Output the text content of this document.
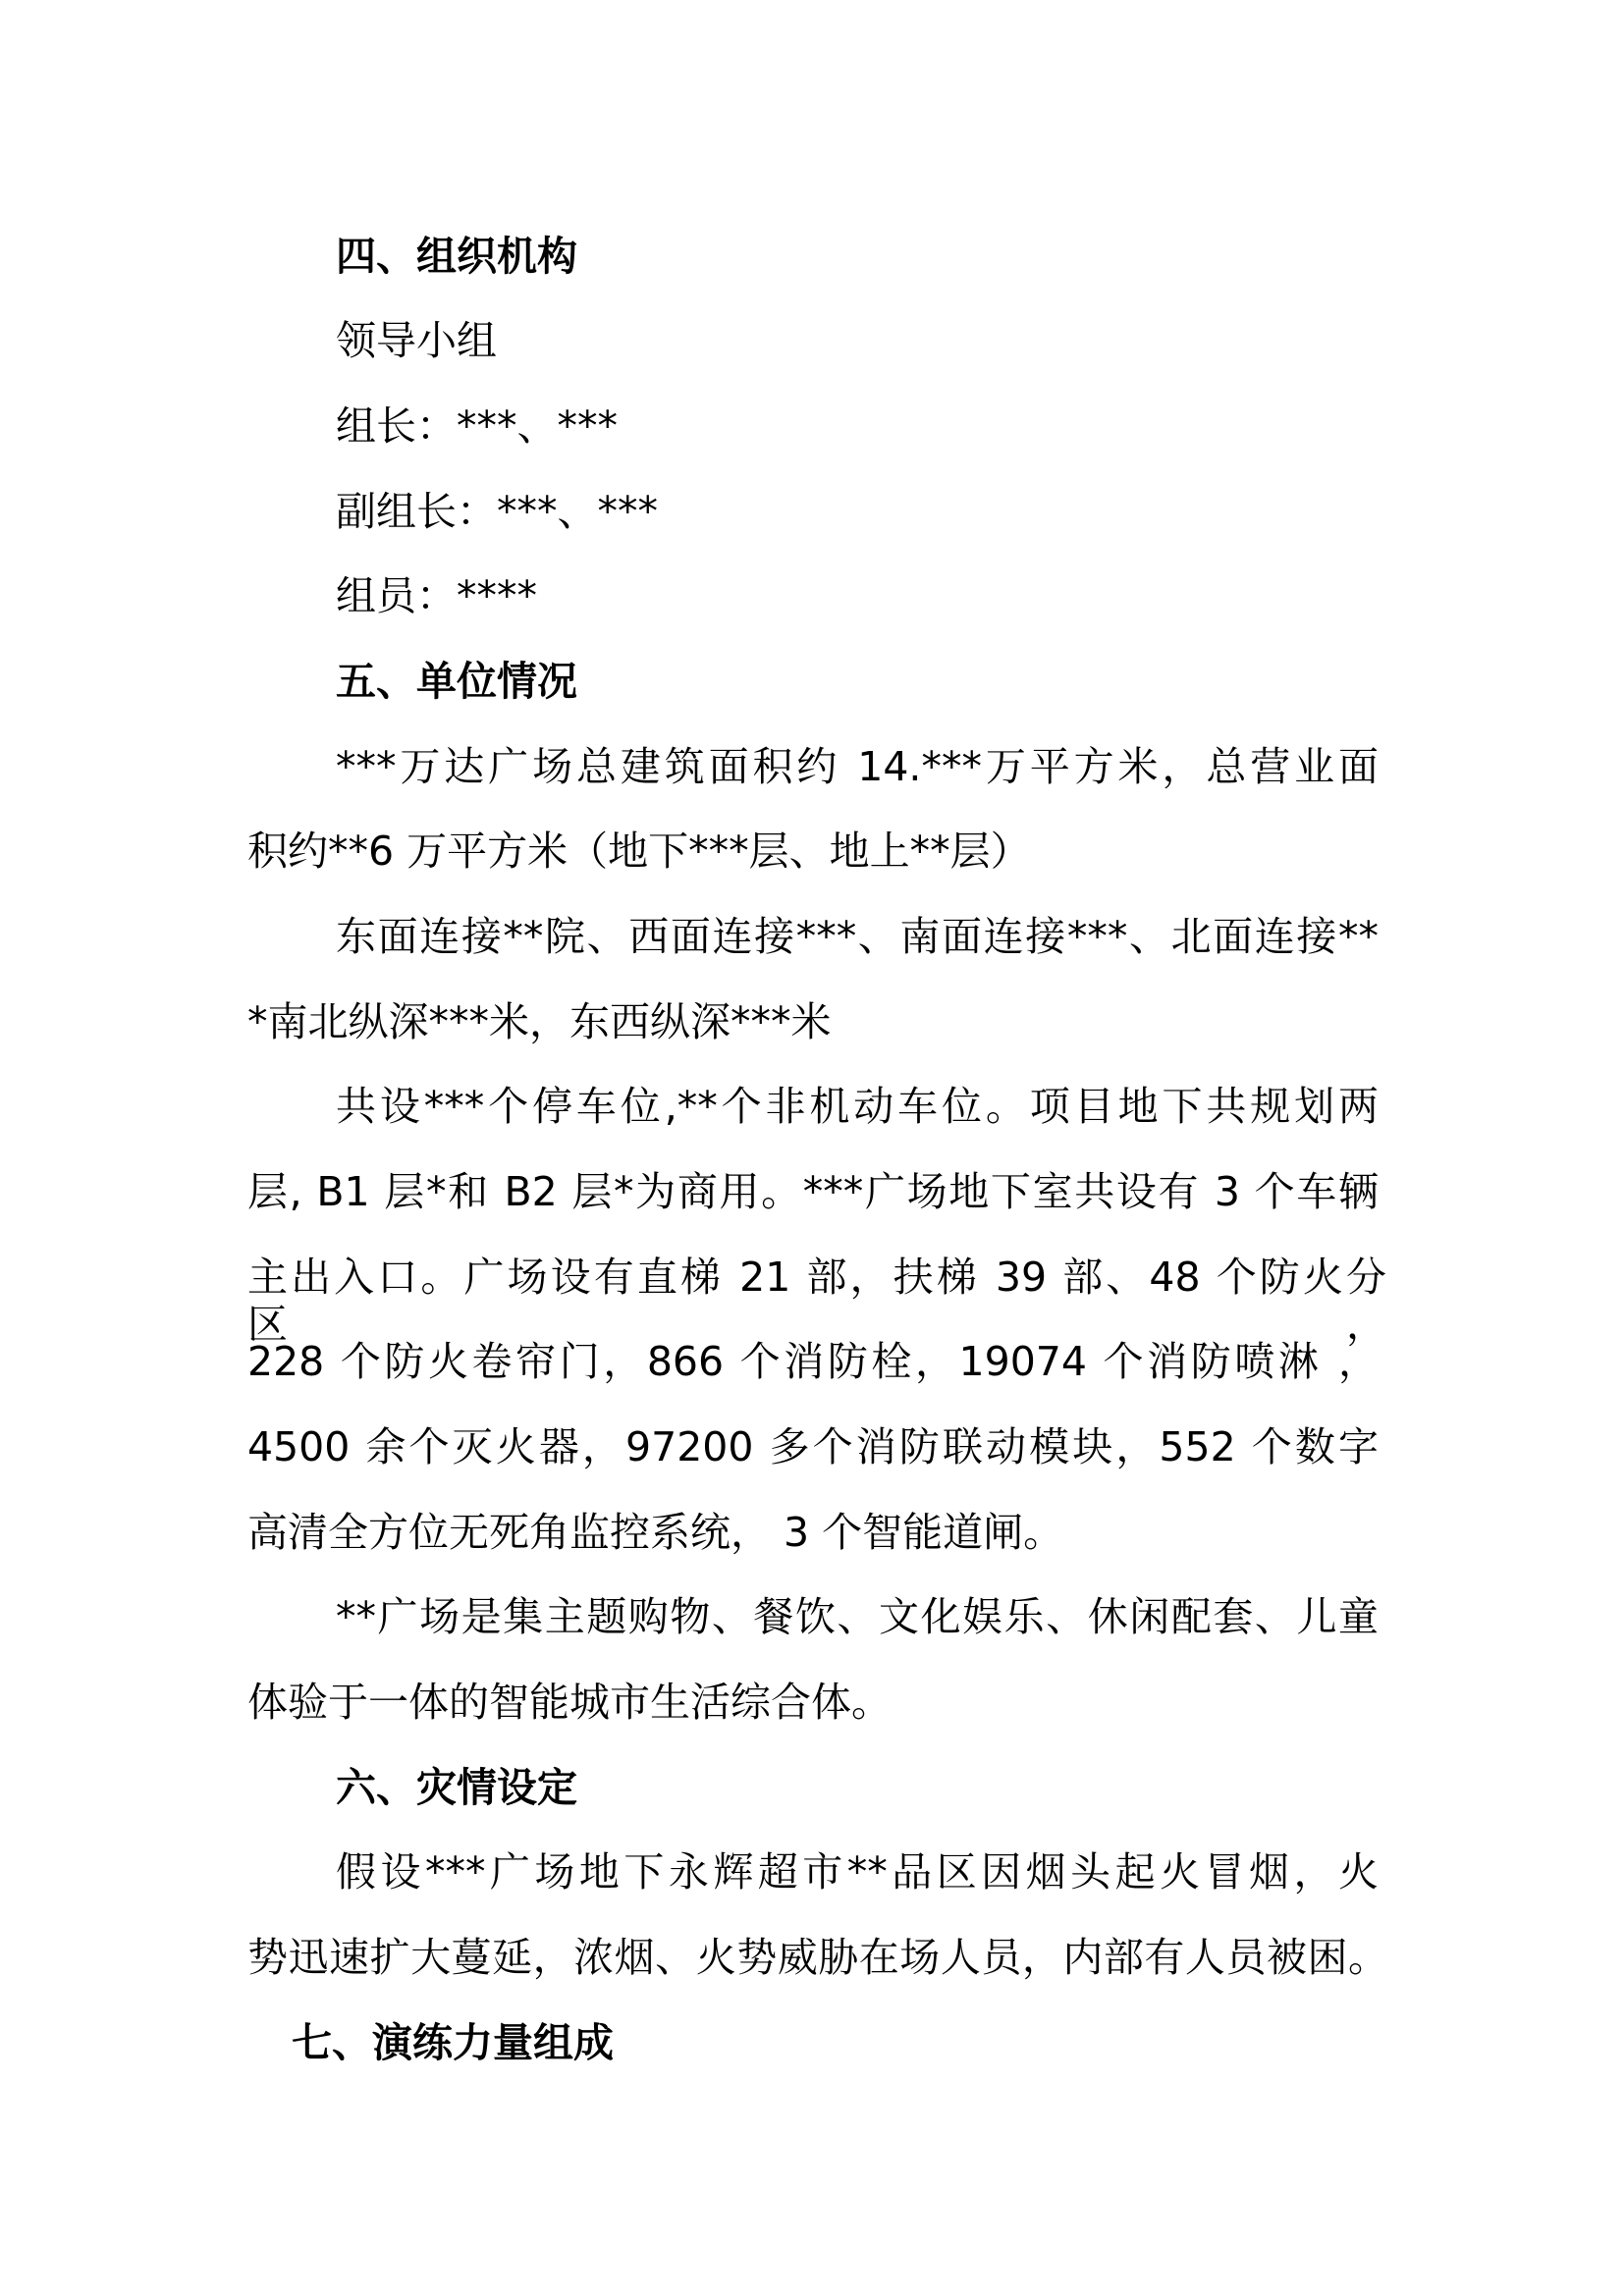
四、组织机构
领导小组
组长：***、***
副组长：***、***
组员：****
五、单位情况
***万达广场总建筑面积约 14.***万平方米，总营业面
积约**6 万平方米（地下***层、地上**层）
东面连接**院、西面连接***、南面连接***、北面连接**
*南北纵深***米，东西纵深***米
共设***个停车位,**个非机动车位。项目地下共规划两
层, B1 层*和 B2 层*为商用。***广场地下室共设有 3 个车辆
主出入口。广场设有直梯 21 部，扶梯 39 部、48 个防火分区，
228 个防火卷帘门，866 个消防栓，19074 个消防喷淋 ，
4500 余个灭火器，97200 多个消防联动模块，552 个数字
高清全方位无死角监控系统， 3 个智能道闸。
**广场是集主题购物、餐饮、文化娱乐、休闲配套、儿童
体验于一体的智能城市生活综合体。
六、灾情设定
假设***广场地下永辉超市**品区因烟头起火冒烟，火
势迅速扩大蔓延，浓烟、火势威胁在场人员，内部有人员被困。
七、演练力量组成
